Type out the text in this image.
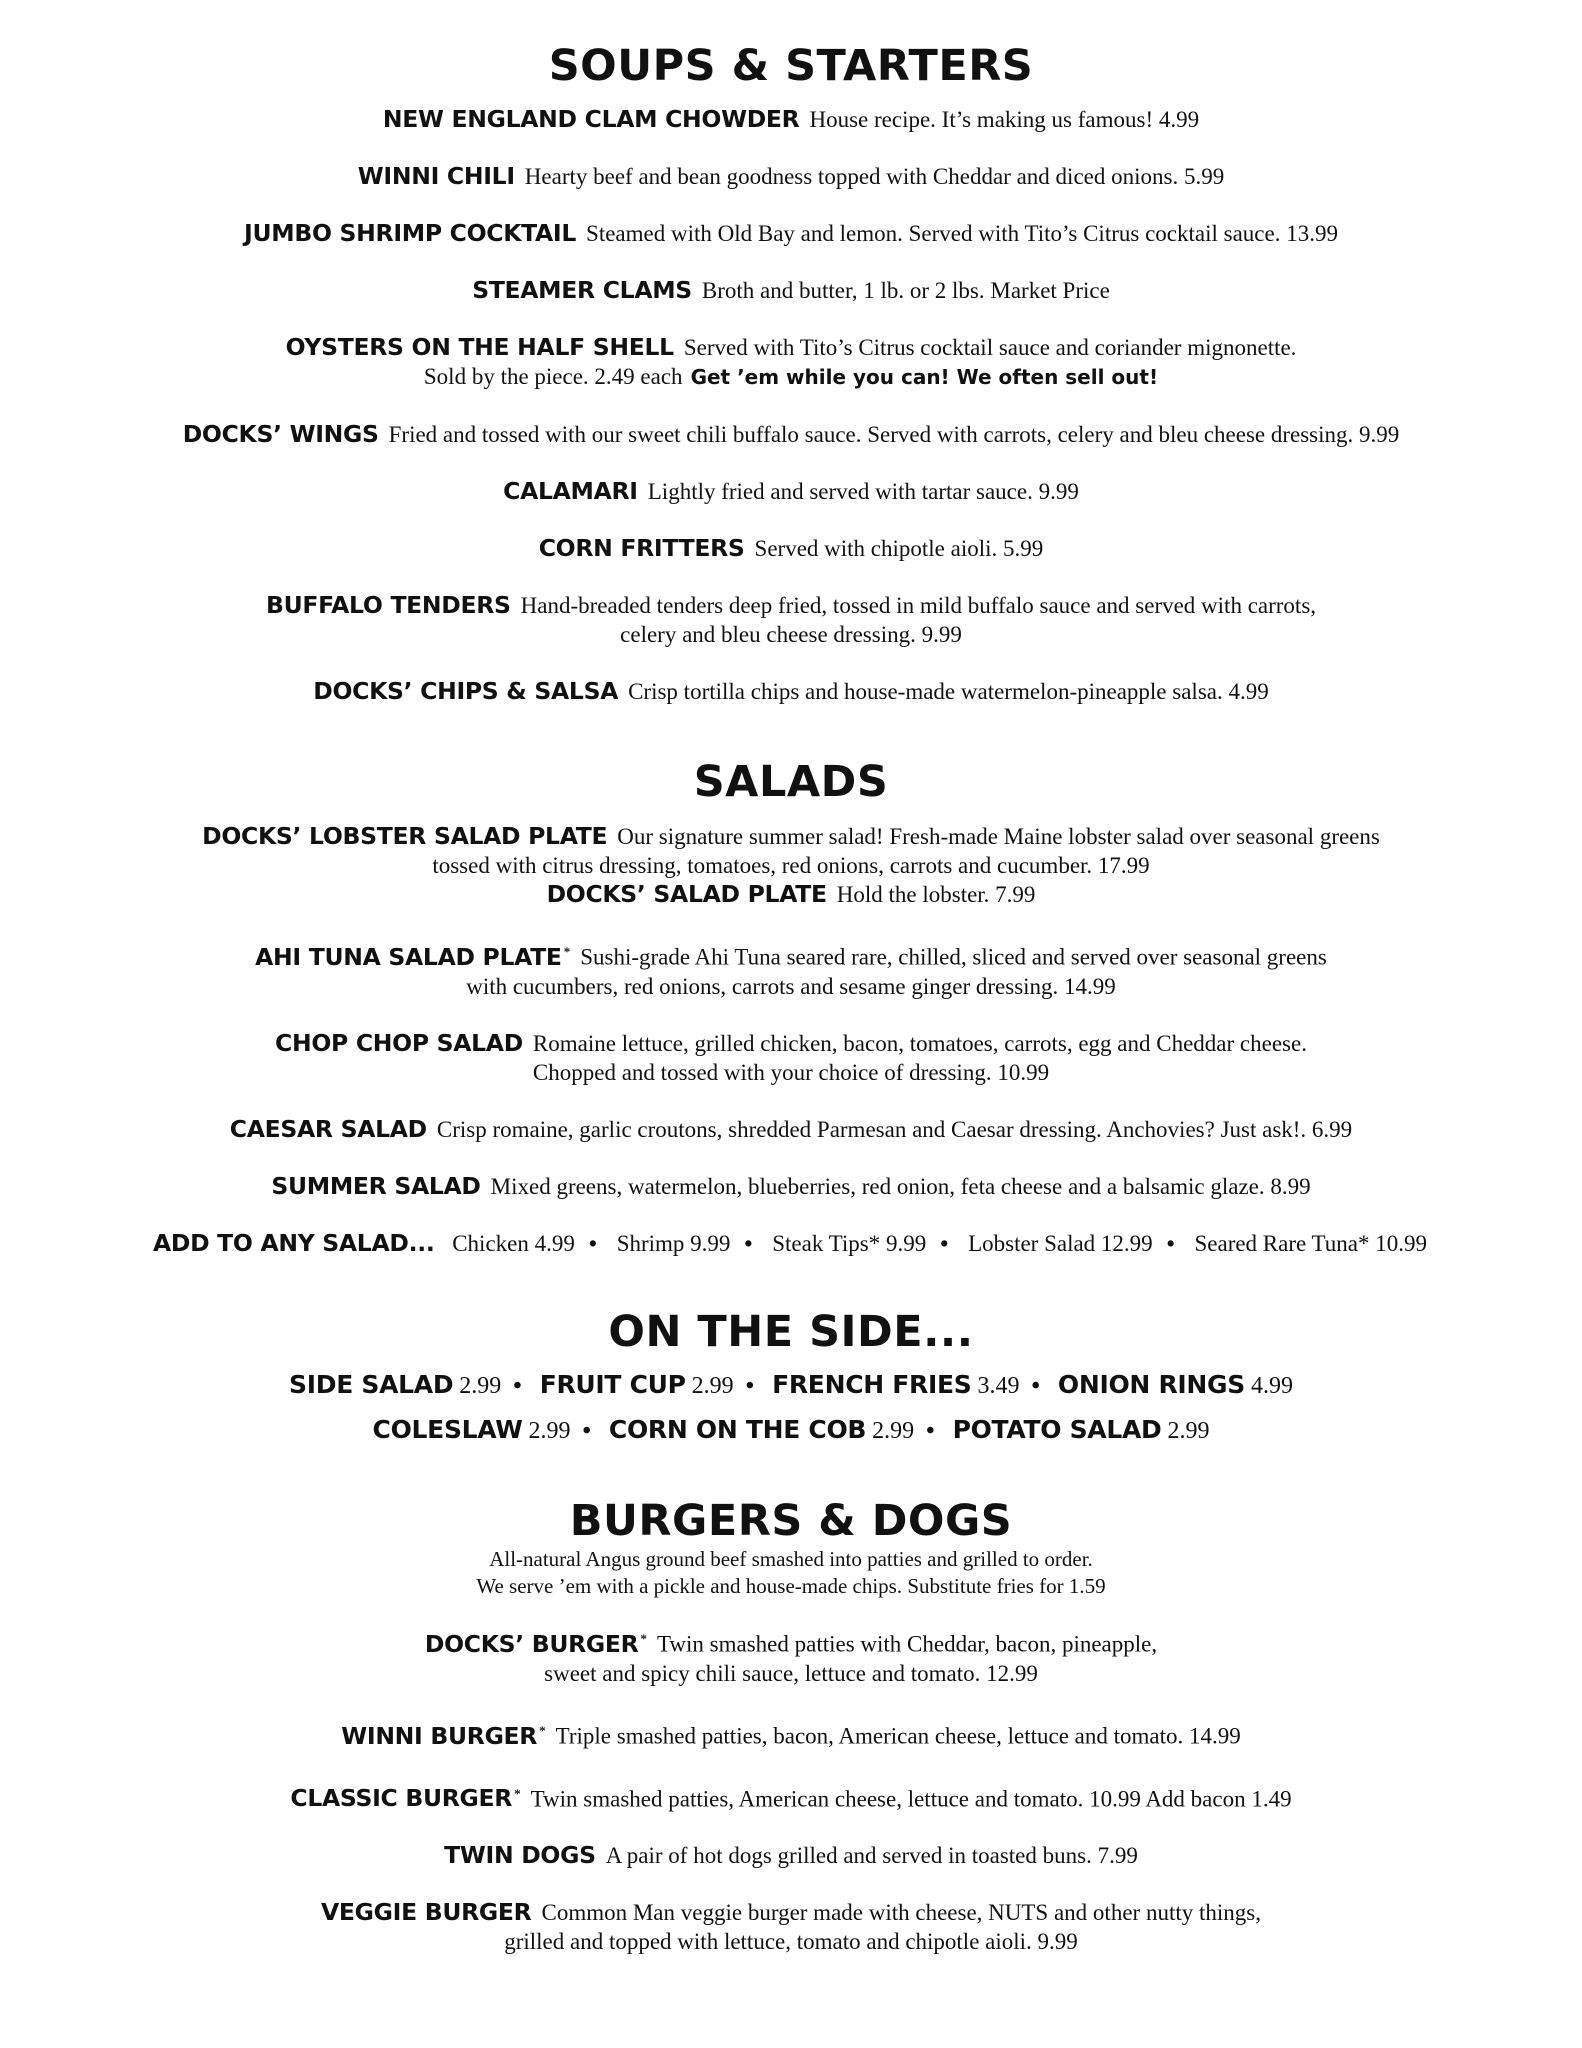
SOUPS & STARTERS

NEW ENGLAND CLAM CHOWDER House recipe. It’s making us famous! 4.99

WINNI CHILI Hearty beef and bean goodness topped with Cheddar and diced onions. 5.99

JUMBO SHRIMP COCKTAIL Steamed with Old Bay and lemon. Served with Tito’s Citrus cocktail sauce. 13.99

STEAMER CLAMS Broth and butter, 1 lb. or 2 lbs. Market Price

OYSTERS ON THE HALF SHELL Served with Tito’s Citrus cocktail sauce and coriander mignonette.
Sold by the piece. 2.49 each Get ’em while you can! We often sell out!

DOCKS’ WINGS Fried and tossed with our sweet chili buffalo sauce. Served with carrots, celery and bleu cheese dressing. 9.99

CALAMARI Lightly fried and served with tartar sauce. 9.99

CORN FRITTERS Served with chipotle aioli. 5.99

BUFFALO TENDERS Hand-breaded tenders deep fried, tossed in mild buffalo sauce and served with carrots,
celery and bleu cheese dressing. 9.99

DOCKS’ CHIPS & SALSA Crisp tortilla chips and house-made watermelon-pineapple salsa. 4.99

SALADS

DOCKS’ LOBSTER SALAD PLATE Our signature summer salad! Fresh-made Maine lobster salad over seasonal greens
tossed with citrus dressing, tomatoes, red onions, carrots and cucumber. 17.99
DOCKS’ SALAD PLATE Hold the lobster. 7.99

AHI TUNA SALAD PLATE * Sushi-grade Ahi Tuna seared rare, chilled, sliced and served over seasonal greens
with cucumbers, red onions, carrots and sesame ginger dressing. 14.99

CHOP CHOP SALAD Romaine lettuce, grilled chicken, bacon, tomatoes, carrots, egg and Cheddar cheese.
Chopped and tossed with your choice of dressing. 10.99

CAESAR SALAD Crisp romaine, garlic croutons, shredded Parmesan and Caesar dressing. Anchovies? Just ask!. 6.99

SUMMER SALAD Mixed greens, watermelon, blueberries, red onion, feta cheese and a balsamic glaze. 8.99

ADD TO ANY SALAD... Chicken 4.99 • Shrimp 9.99 • Steak Tips* 9.99 • Lobster Salad 12.99 • Seared Rare Tuna* 10.99

ON THE SIDE...

SIDE SALAD 2.99 • FRUIT CUP 2.99 • FRENCH FRIES 3.49 • ONION RINGS 4.99

COLESLAW 2.99 • CORN ON THE COB 2.99 • POTATO SALAD 2.99

BURGERS & DOGS

All-natural Angus ground beef smashed into patties and grilled to order.

We serve ’em with a pickle and house-made chips. Substitute fries for 1.59

DOCKS’ BURGER * Twin smashed patties with Cheddar, bacon, pineapple,
sweet and spicy chili sauce, lettuce and tomato. 12.99

WINNI BURGER * Triple smashed patties, bacon, American cheese, lettuce and tomato. 14.99

CLASSIC BURGER * Twin smashed patties, American cheese, lettuce and tomato. 10.99 Add bacon 1.49

TWIN DOGS A pair of hot dogs grilled and served in toasted buns. 7.99

VEGGIE BURGER Common Man veggie burger made with cheese, NUTS and other nutty things,
grilled and topped with lettuce, tomato and chipotle aioli. 9.99
